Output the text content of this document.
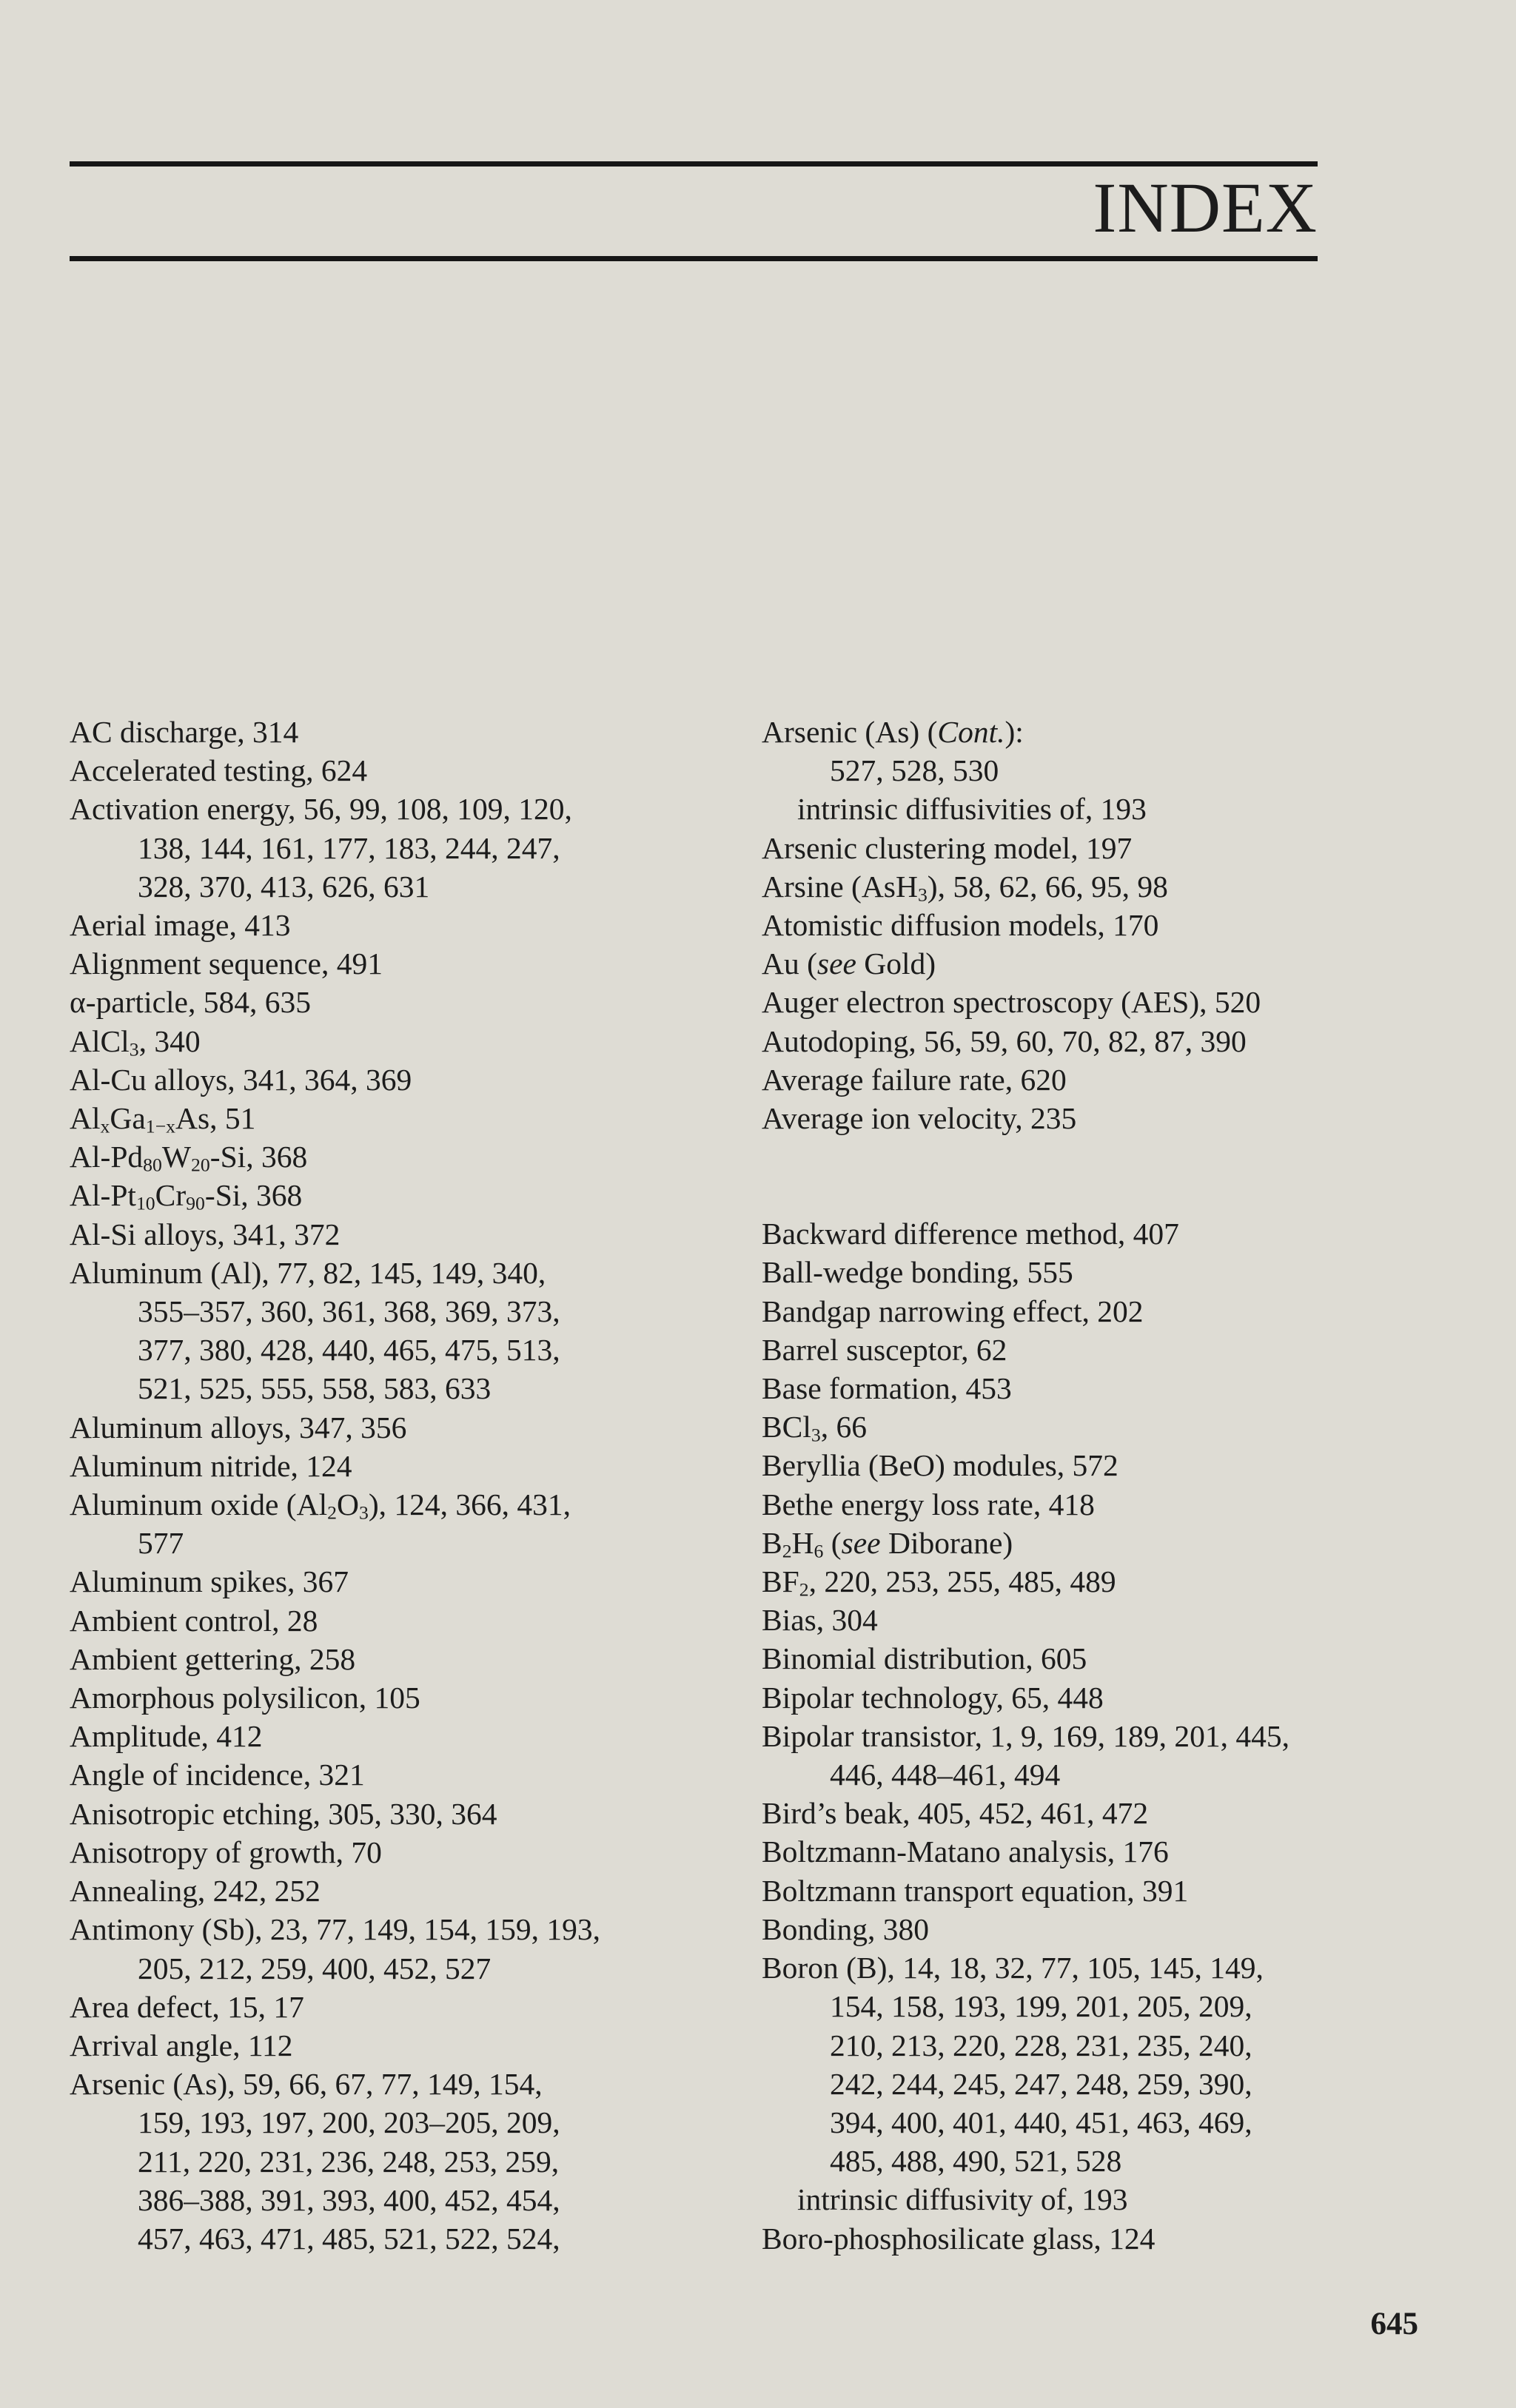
INDEX
AC discharge, 314
Accelerated testing, 624
Activation energy, 56, 99, 108, 109, 120,
138, 144, 161, 177, 183, 244, 247,
328, 370, 413, 626, 631
Aerial image, 413
Alignment sequence, 491
α-particle, 584, 635
AlCl$_3$, 340
Al-Cu alloys, 341, 364, 369
$Al_xGa_{1-x}As$, 51
$Al-Pd_{80}W_{20}-Si$, 368
$Al-Pt_{10}Cr_{90}-Si$, 368
Al-Si alloys, 341, 372
Aluminum (Al), 77, 82, 145, 149, 340,
355–357, 360, 361, 368, 369, 373,
377, 380, 428, 440, 465, 475, 513,
521, 525, 555, 558, 583, 633
Aluminum alloys, 347, 356
Aluminum nitride, 124
Aluminum oxide $(Al_2O_3)$, 124, 366, 431,
577
Aluminum spikes, 367
Ambient control, 28
Ambient gettering, 258
Amorphous polysilicon, 105
Amplitude, 412
Angle of incidence, 321
Anisotropic etching, 305, 330, 364
Anisotropy of growth, 70
Annealing, 242, 252
Antimony (Sb), 23, 77, 149, 154, 159, 193,
205, 212, 259, 400, 452, 527
Area defect, 15, 17
Arrival angle, 112
Arsenic (As), 59, 66, 67, 77, 149, 154,
159, 193, 197, 200, 203–205, 209,
211, 220, 231, 236, 248, 253, 259,
386–388, 391, 393, 400, 452, 454,
457, 463, 471, 485, 521, 522, 524,
Arsenic (As) (Cont.):
527, 528, 530
intrinsic diffusivities of, 193
Arsenic clustering model, 197
Arsine (AsH$_3$), 58, 62, 66, 95, 98
Atomistic diffusion models, 170
Au (see Gold)
Auger electron spectroscopy (AES), 520
Autodoping, 56, 59, 60, 70, 82, 87, 390
Average failure rate, 620
Average ion velocity, 235
Backward difference method, 407
Ball-wedge bonding, 555
Bandgap narrowing effect, 202
Barrel susceptor, 62
Base formation, 453
BCl$_3$, 66
Beryllia (BeO) modules, 572
Bethe energy loss rate, 418
$B_2H_6$ (see Diborane)
$BF_2$, 220, 253, 255, 485, 489
Bias, 304
Binomial distribution, 605
Bipolar technology, 65, 448
Bipolar transistor, 1, 9, 169, 189, 201, 445,
446, 448–461, 494
Bird’s beak, 405, 452, 461, 472
Boltzmann-Matano analysis, 176
Boltzmann transport equation, 391
Bonding, 380
Boron (B), 14, 18, 32, 77, 105, 145, 149,
154, 158, 193, 199, 201, 205, 209,
210, 213, 220, 228, 231, 235, 240,
242, 244, 245, 247, 248, 259, 390,
394, 400, 401, 440, 451, 463, 469,
485, 488, 490, 521, 528
intrinsic diffusivity of, 193
Boro-phosphosilicate glass, 124
645
